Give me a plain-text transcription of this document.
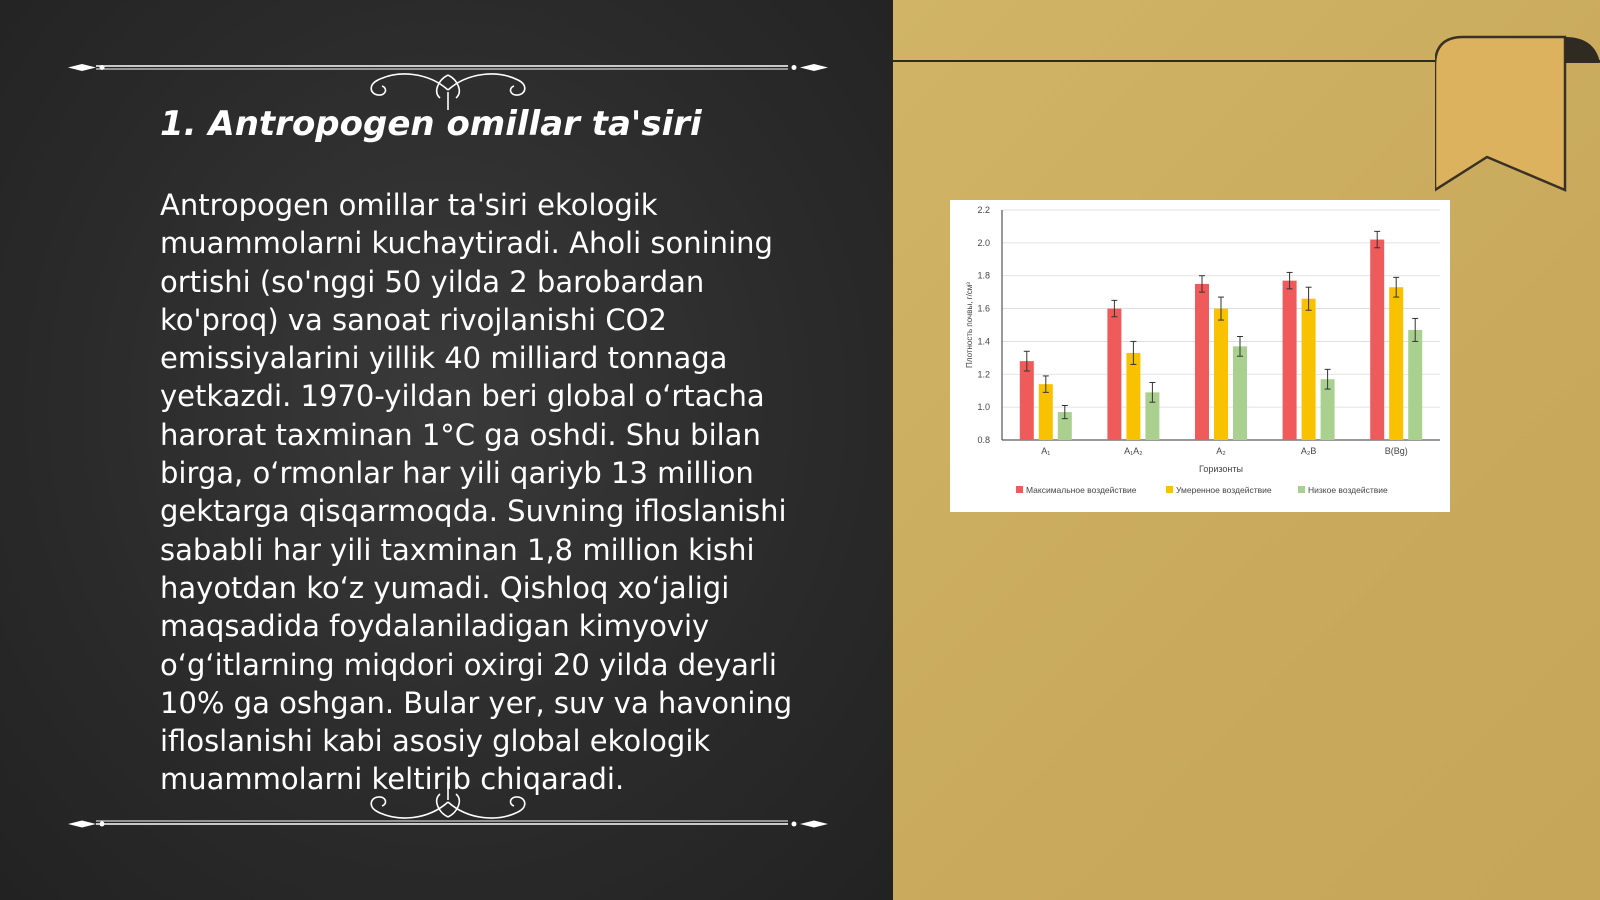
1. Antropogen omillar ta'siri

Antropogen omillar ta'siri ekologik muammolarni kuchaytiradi. Aholi sonining ortishi (so'nggi 50 yilda 2 barobardan ko'proq) va sanoat rivojlanishi CO2 emissiyalarini yillik 40 milliard tonnaga yetkazdi. 1970-yildan beri global o‘rtacha harorat taxminan 1°C ga oshdi. Shu bilan birga, o‘rmonlar har yili qariyb 13 million gektarga qisqarmoqda. Suvning ifloslanishi sababli har yili taxminan 1,8 million kishi hayotdan ko‘z yumadi. Qishloq xo‘jaligi maqsadida foydalaniladigan kimyoviy o‘g‘itlarning miqdori oxirgi 20 yilda deyarli 10% ga oshgan. Bular yer, suv va havoning ifloslanishi kabi asosiy global ekologik muammolarni keltirib chiqaradi.

0.8
1.0
1.2
1.4
1.6
1.8
2.0
2.2
A₁	A₁A₂	A₂	A₂B	B(Bg)
Горизонты
Плотность почвы, г/см³
Максимальное воздействие	Умеренное воздействие	Низкое воздействие
